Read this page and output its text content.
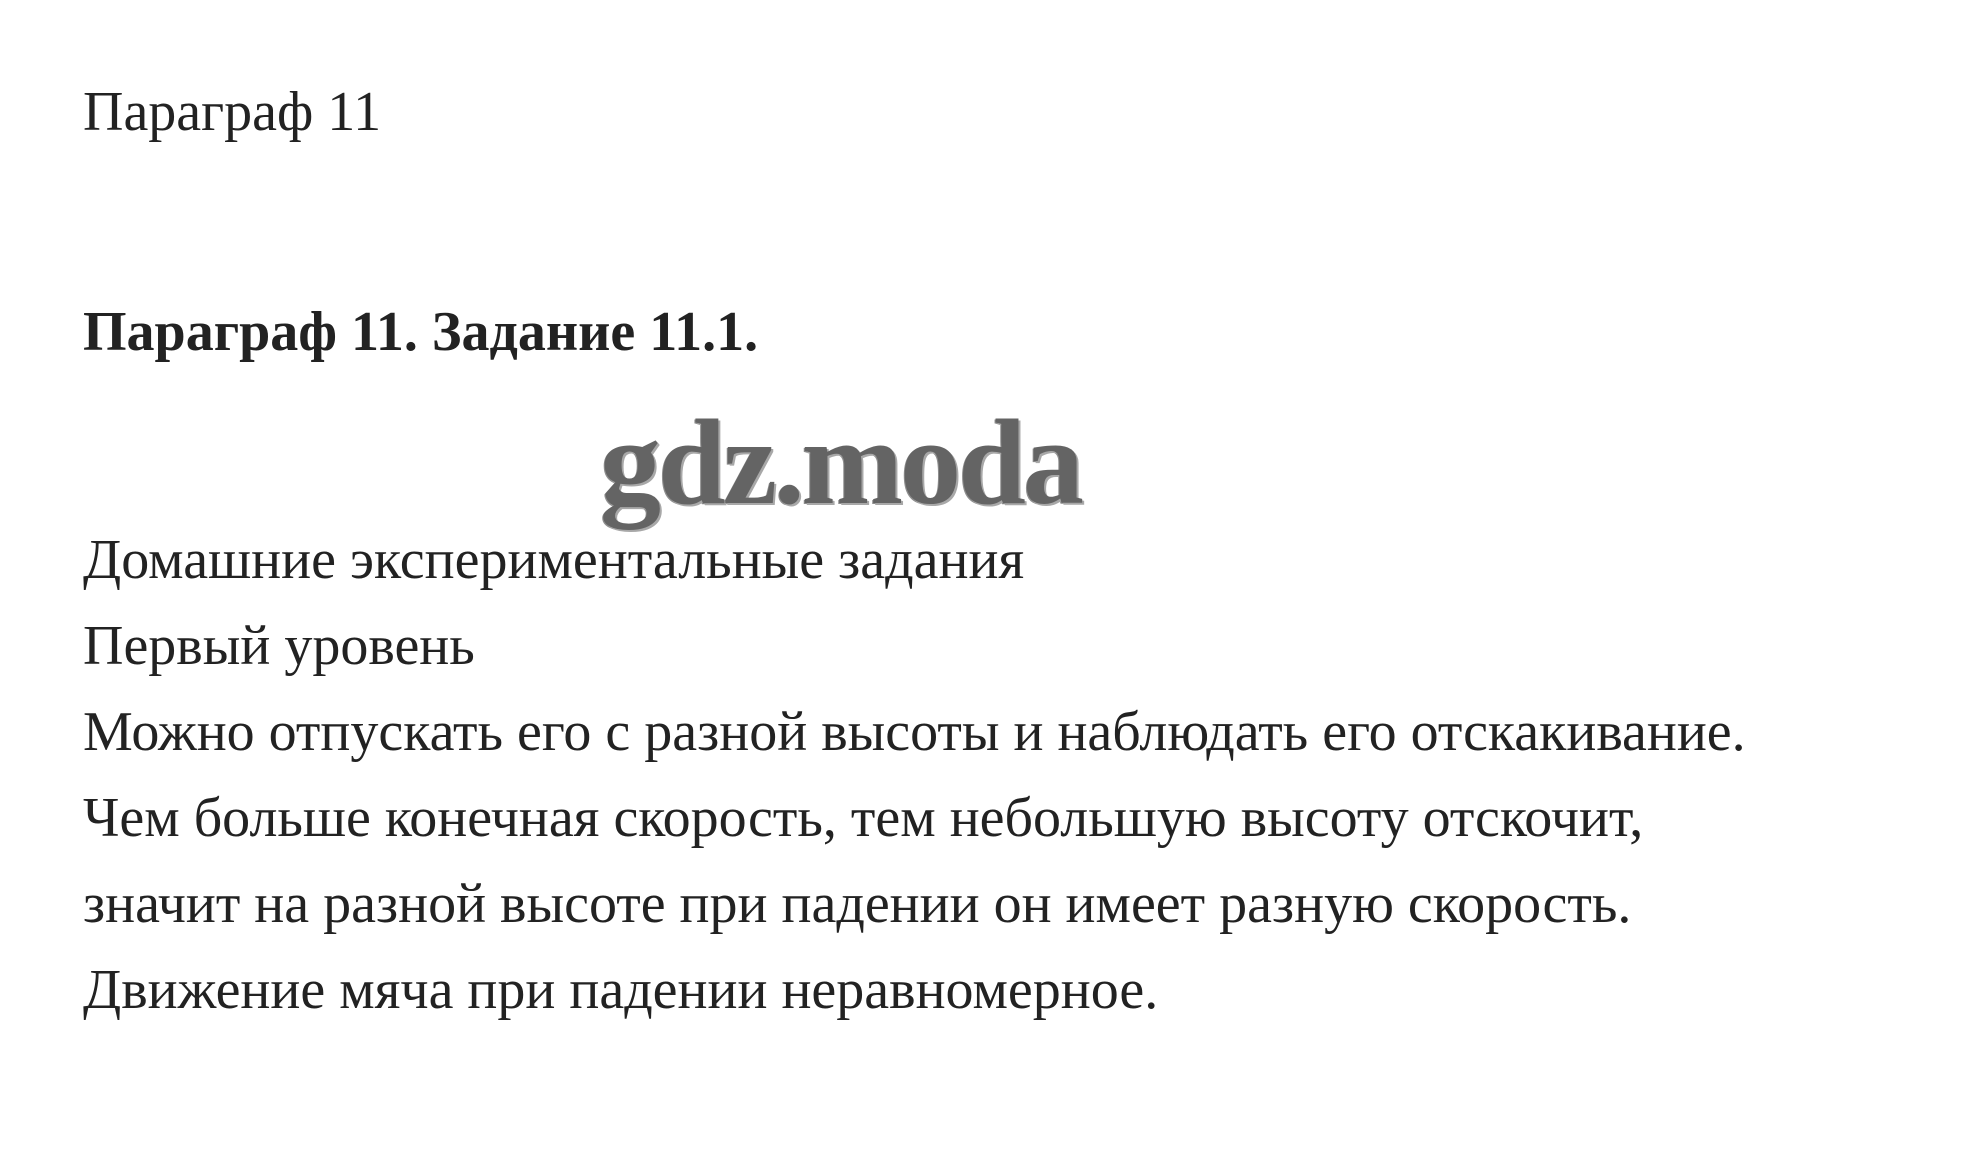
Параграф 11
Параграф 11. Задание 11.1.
gdz.moda
Домашние экспериментальные задания
Первый уровень
Можно отпускать его с разной высоты и наблюдать его отскакивание.
Чем больше конечная скорость, тем небольшую высоту отскочит,
значит на разной высоте при падении он имеет разную скорость.
Движение мяча при падении неравномерное.
